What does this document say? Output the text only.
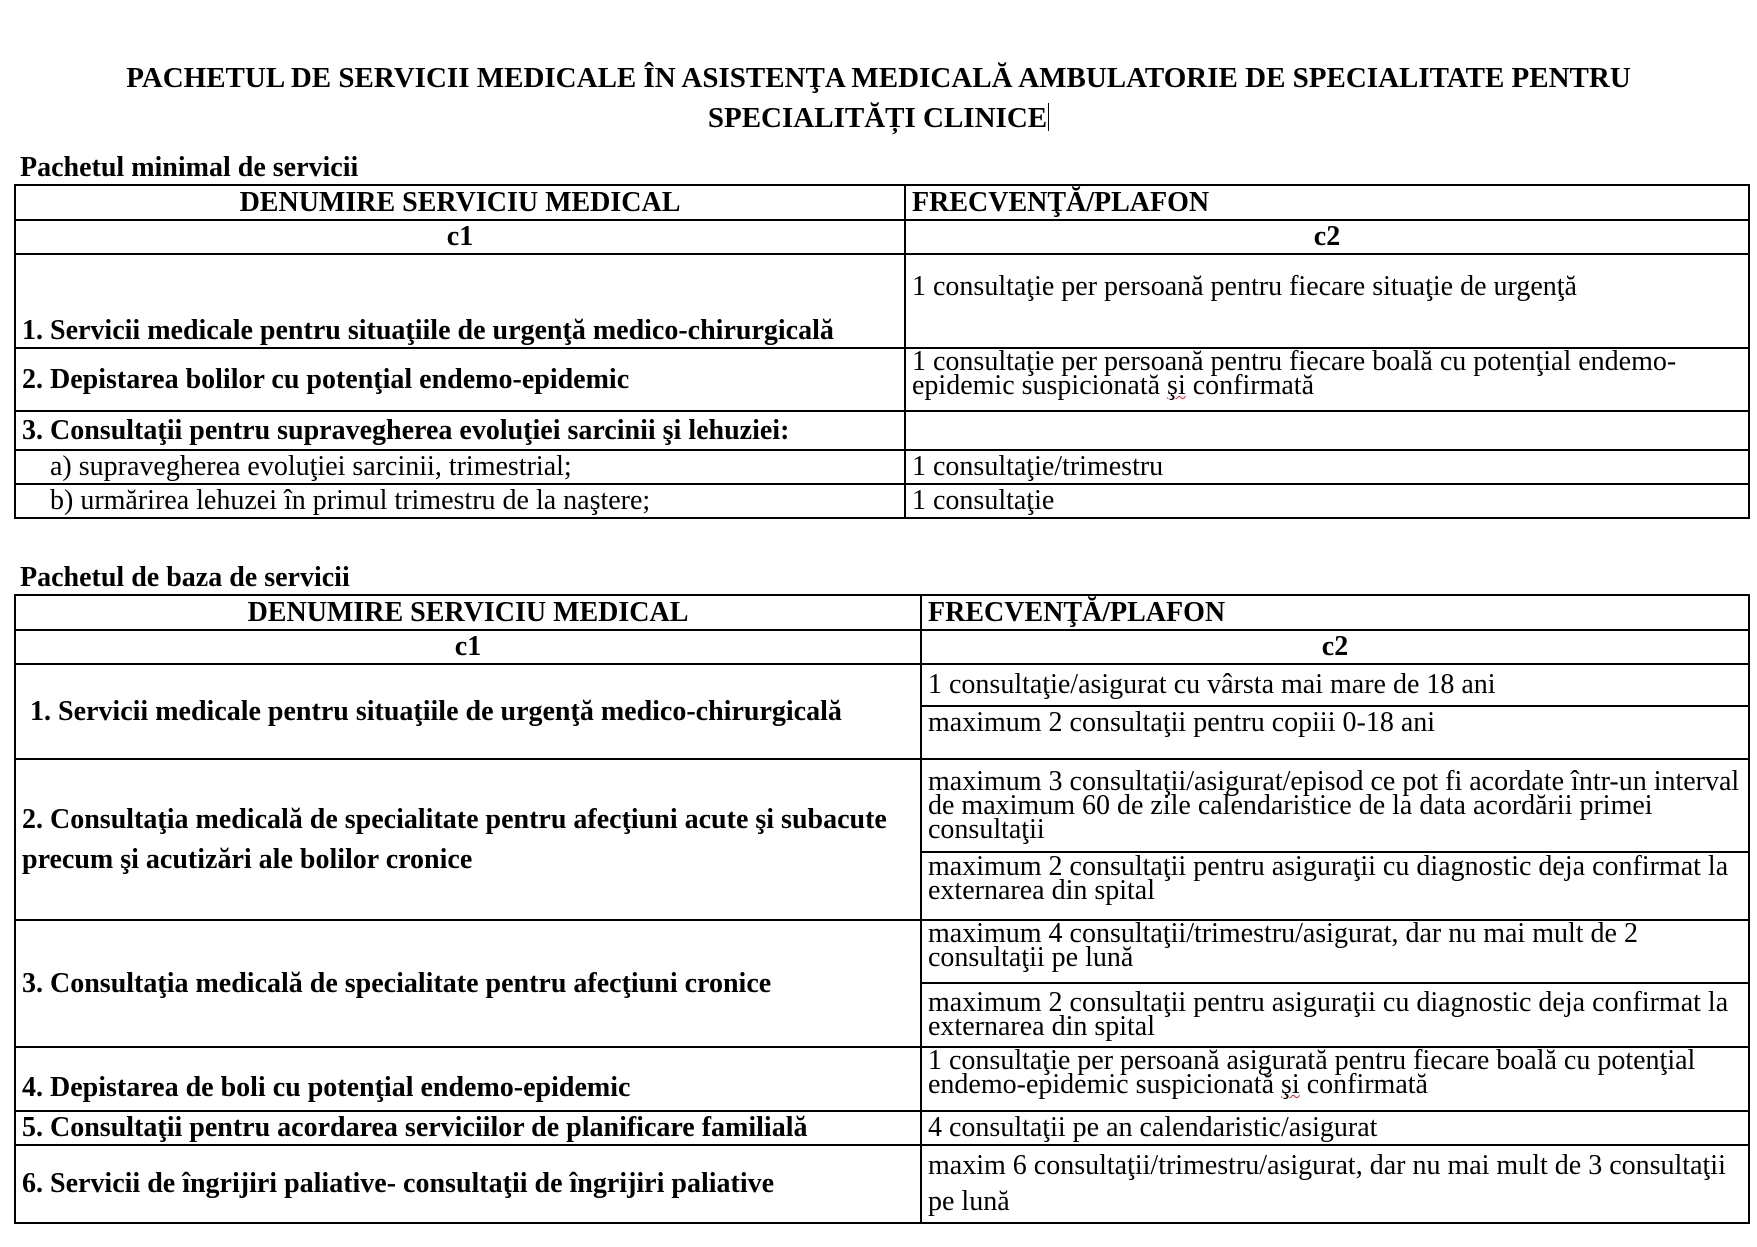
PACHETUL DE SERVICII MEDICALE ÎN ASISTENŢA MEDICALĂ AMBULATORIE DE SPECIALITATE PENTRU
SPECIALITĂȚI CLINICE
Pachetul minimal de servicii
DENUMIRE SERVICIU MEDICAL	FRECVENŢĂ/PLAFON
c1	c2
1. Servicii medicale pentru situaţiile de urgenţă medico-chirurgicală	1 consultaţie per persoană pentru fiecare situaţie de urgenţă
2. Depistarea bolilor cu potenţial endemo-epidemic	1 consultaţie per persoană pentru fiecare boală cu potenţial endemo-epidemic suspicionată şi confirmată
3. Consultaţii pentru supravegherea evoluţiei sarcinii şi lehuziei:	
a) supravegherea evoluţiei sarcinii, trimestrial;	1 consultaţie/trimestru
b) urmărirea lehuzei în primul trimestru de la naştere;	1 consultaţie
Pachetul de baza de servicii
DENUMIRE SERVICIU MEDICAL	FRECVENŢĂ/PLAFON
c1	c2
1. Servicii medicale pentru situaţiile de urgenţă medico-chirurgicală	1 consultaţie/asigurat cu vârsta mai mare de 18 ani
	maximum 2 consultaţii pentru copiii 0-18 ani
2. Consultaţia medicală de specialitate pentru afecţiuni acute şi subacute precum şi acutizări ale bolilor cronice	maximum 3 consultaţii/asigurat/episod ce pot fi acordate într-un interval de maximum 60 de zile calendaristice de la data acordării primei consultaţii
	maximum 2 consultaţii pentru asiguraţii cu diagnostic deja confirmat la externarea din spital
3. Consultaţia medicală de specialitate pentru afecţiuni cronice	maximum 4 consultaţii/trimestru/asigurat, dar nu mai mult de 2 consultaţii pe lună
	maximum 2 consultaţii pentru asiguraţii cu diagnostic deja confirmat la externarea din spital
4. Depistarea de boli cu potenţial endemo-epidemic	1 consultaţie per persoană asigurată pentru fiecare boală cu potenţial endemo-epidemic suspicionată şi confirmată
5. Consultaţii pentru acordarea serviciilor de planificare familială	4 consultaţii pe an calendaristic/asigurat
6. Servicii de îngrijiri paliative- consultaţii de îngrijiri paliative	maxim 6 consultaţii/trimestru/asigurat, dar nu mai mult de 3 consultaţii pe lună
